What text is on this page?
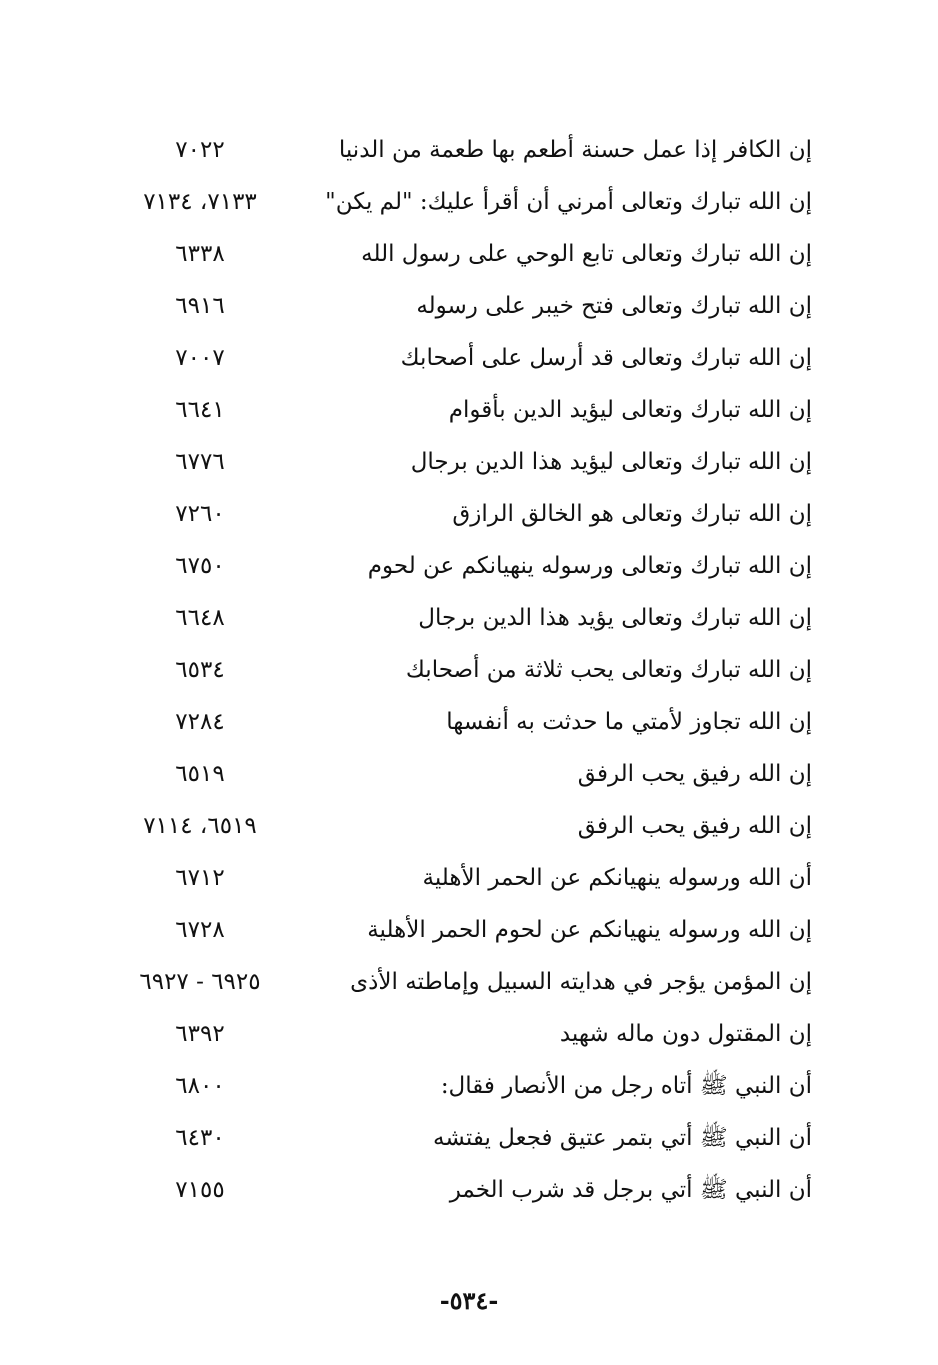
إن الكافر إذا عمل حسنة أطعم بها طعمة من الدنيا
٧٠٢٢
إن الله تبارك وتعالى أمرني أن أقرأ عليك: "لم يكن"
٧١٣٣، ٧١٣٤
إن الله تبارك وتعالى تابع الوحي على رسول الله
٦٣٣٨
إن الله تبارك وتعالى فتح خيبر على رسوله
٦٩١٦
إن الله تبارك وتعالى قد أرسل على أصحابك
٧٠٠٧
إن الله تبارك وتعالى ليؤيد الدين بأقوام
٦٦٤١
إن الله تبارك وتعالى ليؤيد هذا الدين برجال
٦٧٧٦
إن الله تبارك وتعالى هو الخالق الرازق
٧٢٦٠
إن الله تبارك وتعالى ورسوله ينهيانكم عن لحوم
٦٧٥٠
إن الله تبارك وتعالى يؤيد هذا الدين برجال
٦٦٤٨
إن الله تبارك وتعالى يحب ثلاثة من أصحابك
٦٥٣٤
إن الله تجاوز لأمتي ما حدثت به أنفسها
٧٢٨٤
إن الله رفيق يحب الرفق
٦٥١٩
إن الله رفيق يحب الرفق
٦٥١٩، ٧١١٤
أن الله ورسوله ينهيانكم عن الحمر الأهلية
٦٧١٢
إن الله ورسوله ينهيانكم عن لحوم الحمر الأهلية
٦٧٢٨
إن المؤمن يؤجر في هدايته السبيل وإماطته الأذى
٦٩٢٥ - ٦٩٢٧
إن المقتول دون ماله شهيد
٦٣٩٢
أن النبي ﷺ أتاه رجل من الأنصار فقال:
٦٨٠٠
أن النبي ﷺ أتي بتمر عتيق فجعل يفتشه
٦٤٣٠
أن النبي ﷺ أتي برجل قد شرب الخمر
٧١٥٥
-٥٣٤-
